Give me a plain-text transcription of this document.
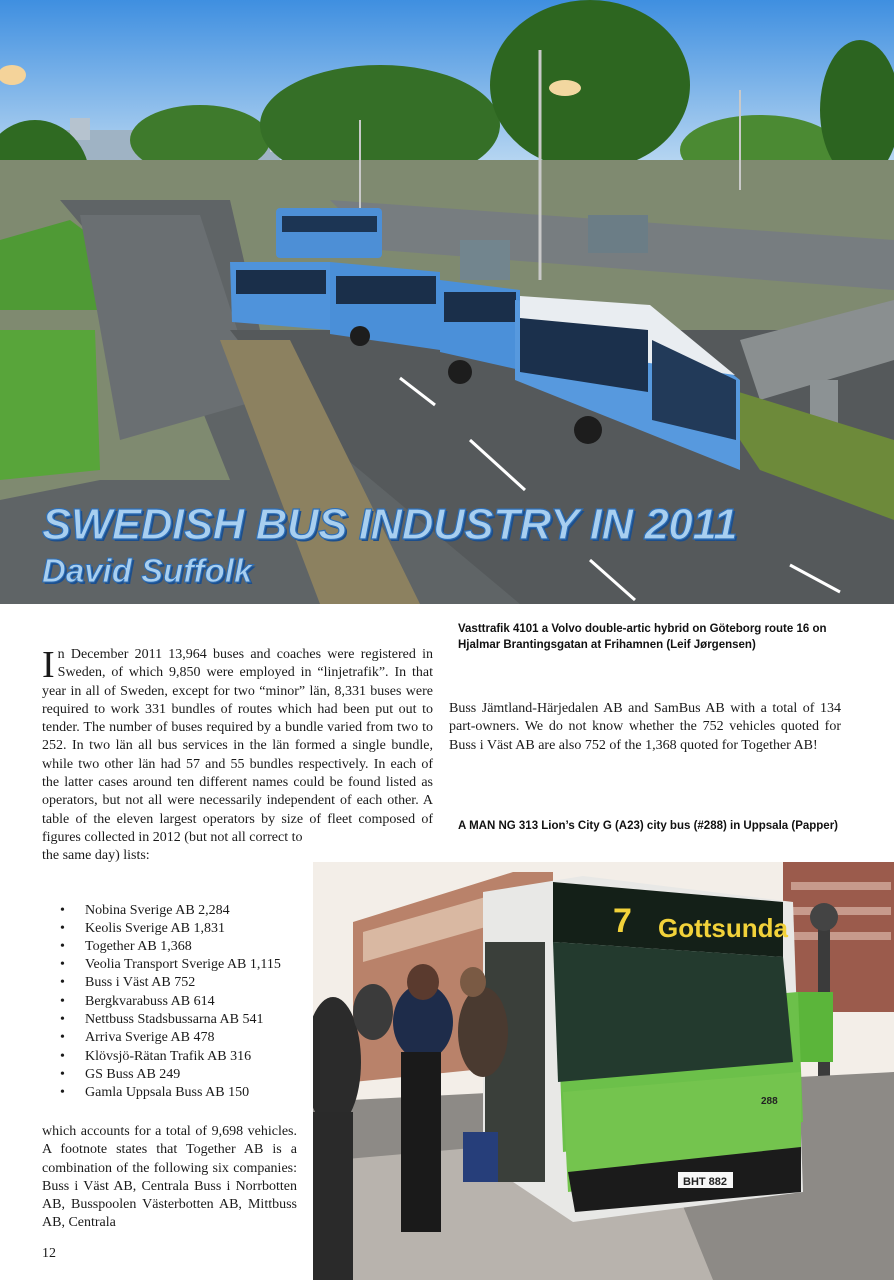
SWEDISH BUS INDUSTRY IN 2011

David Suffolk

Vasttrafik 4101 a Volvo double-artic hybrid on Göteborg route 16 on Hjalmar Brantingsgatan at Frihamnen (Leif Jørgensen)
A MAN NG 313 Lion’s City G (A23) city bus (#288) in Uppsala (Papper)

In December 2011 13,964 buses and coaches were registered in Sweden, of which 9,850 were employed in “linjetrafik”. In that year in all of Sweden, except for two “minor” län, 8,331 buses were required to work 331 bundles of routes which had been put out to tender. The number of buses required by a bundle varied from two to 252. In two län all bus services in the län formed a single bundle, while two other län had 57 and 55 bundles respectively. In each of the latter cases around ten different names could be found listed as operators, but not all were necessarily independent of each other. A table of the eleven largest operators by size of fleet composed of figures collected in 2012 (but not all correct to
the same day) lists:

• Nobina Sverige AB 2,284
• Keolis Sverige AB 1,831
• Together AB 1,368
• Veolia Transport Sverige AB 1,115
• Buss i Väst AB 752
• Bergkvarabuss AB 614
• Nettbuss Stadsbussarna AB 541
• Arriva Sverige AB 478
• Klövsjö-Rätan Trafik AB 316
• GS Buss AB 249
• Gamla Uppsala Buss AB 150
which accounts for a total of 9,698 vehicles. A footnote states that Together AB is a combination of the following six companies: Buss i Väst AB, Centrala Buss i Norrbotten AB, Busspoolen Västerbotten AB, Mittbuss AB, Centrala
Buss Jämtland-Härjedalen AB and SamBus AB with a total of 134 part-owners. We do not know whether the 752 vehicles quoted for Buss i Väst AB are also 752 of the 1,368 quoted for Together AB!
12
7 Gottsunda
288
BHT 882
